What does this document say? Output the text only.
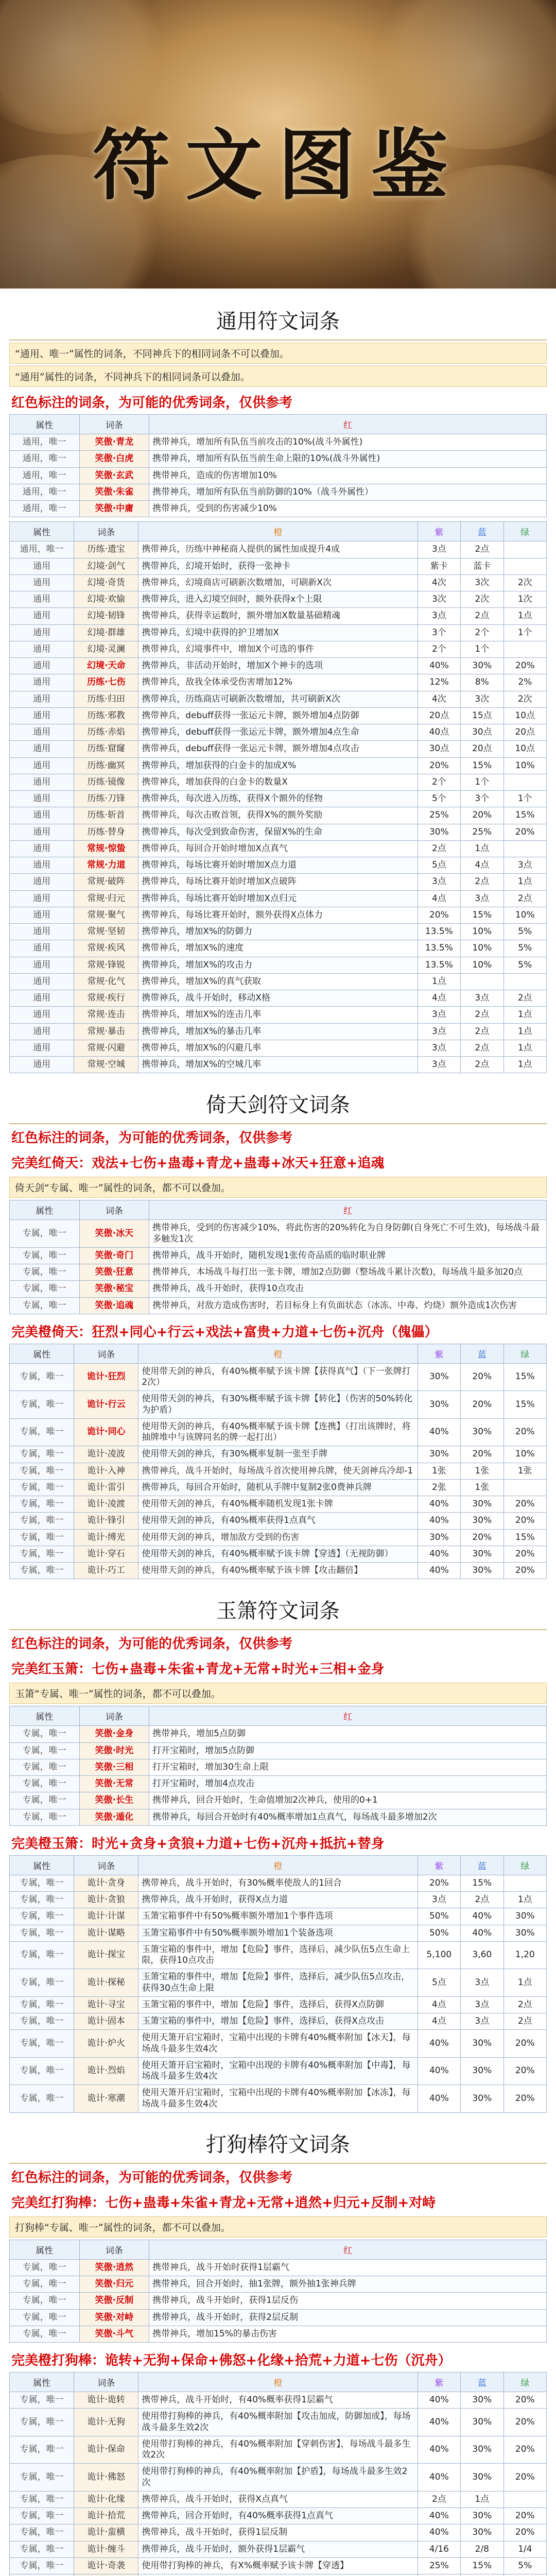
符文图鉴
通用符文词条
“通用、唯一”属性的词条，不同神兵下的相同词条不可以叠加。
“通用”属性的词条，不同神兵下的相同词条可以叠加。
红色标注的词条，为可能的优秀词条，仅供参考
属性	词条	红
通用，唯一	笑傲·青龙	携带神兵，增加所有队伍当前攻击的10%(战斗外属性)
通用，唯一	笑傲·白虎	携带神兵，增加所有队伍当前生命上限的10%(战斗外属性)
通用，唯一	笑傲·玄武	携带神兵，造成的伤害增加10%
通用，唯一	笑傲·朱雀	携带神兵，增加所有队伍当前防御的10%（战斗外属性）
通用，唯一	笑傲·中庸	携带神兵，受到的伤害减少10%
属性	词条	橙	紫	蓝	绿
通用，唯一	历练·遗宝	携带神兵，历练中神秘商人提供的属性加成提升4成	3点	2点	
通用	幻境·剑气	携带神兵，幻境开始时，获得一张神卡	紫卡	蓝卡	
通用	幻境·奇货	携带神兵，幻境商店可刷新次数增加，可刷新X次	4次	3次	2次
通用	幻境·欢愉	携带神兵，进入幻境空间时，额外获得x个上限	3次	2次	1次
通用	幻境·韧锋	携带神兵，获得幸运数时，额外增加X数量基础精魂	3点	2点	1点
通用	幻境·群雄	携带神兵，幻境中获得的护卫增加X	3个	2个	1个
通用	幻境·灵澜	携带神兵，幻境事件中，增加X个可选的事件	2个	1个	
通用	幻境·天命	携带神兵，非活动开始时，增加X个神卡的选项	40%	30%	20%
通用	历练·七伤	携带神兵，敌我全体承受伤害增加12%	12%	8%	2%
通用	历练·归田	携带神兵，历练商店可刷新次数增加，共可刷新X次	4次	3次	2次
通用	历练·邪教	携带神兵，debuff获得一张运元卡牌，额外增加4点防御	20点	15点	10点
通用	历练·赤焰	携带神兵，debuff获得一张运元卡牌，额外增加4点生命	40点	30点	20点
通用	历练·窟窿	携带神兵，debuff获得一张运元卡牌，额外增加4点攻击	30点	20点	10点
通用	历练·幽冥	携带神兵，增加获得的白金卡的加成X%	20%	15%	10%
通用	历练·镜像	携带神兵，增加获得的白金卡的数量X	2个	1个	
通用	历练·刀锋	携带神兵，每次进入历练，获得X个额外的怪物	5个	3个	1个
通用	历练·斩首	携带神兵，每次击败首领，获得X%的额外奖励	25%	20%	15%
通用	历练·替身	携带神兵，每次受到致命伤害，保留X%的生命	30%	25%	20%
通用	常规·惊蛰	携带神兵，每回合开始时增加X点真气	2点	1点	
通用	常规·力道	携带神兵，每场比赛开始时增加X点力道	5点	4点	3点
通用	常规·破阵	携带神兵，每场比赛开始时增加X点破阵	3点	2点	1点
通用	常规·归元	携带神兵，每场比赛开始时增加X点归元	4点	3点	2点
通用	常规·聚气	携带神兵，每场比赛开始时，额外获得X点体力	20%	15%	10%
通用	常规·坚韧	携带神兵，增加X%的防御力	13.5%	10%	5%
通用	常规·疾风	携带神兵，增加X%的速度	13.5%	10%	5%
通用	常规·锋锐	携带神兵，增加X%的攻击力	13.5%	10%	5%
通用	常规·化气	携带神兵，增加X%的真气获取	1点		
通用	常规·疾行	携带神兵，战斗开始时，移动X格	4点	3点	2点
通用	常规·连击	携带神兵，增加X%的连击几率	3点	2点	1点
通用	常规·暴击	携带神兵，增加X%的暴击几率	3点	2点	1点
通用	常规·闪避	携带神兵，增加X%的闪避几率	3点	2点	1点
通用	常规·空城	携带神兵，增加X%的空城几率	3点	2点	1点
倚天剑符文词条
红色标注的词条，为可能的优秀词条，仅供参考
完美红倚天：戏法+七伤+蛊毒+青龙+蛊毒+冰天+狂意+追魂
倚天剑“专属、唯一”属性的词条，都不可以叠加。
属性	词条	红
专属，唯一	笑傲·冰天	携带神兵，受到的伤害减少10%，将此伤害的20%转化为自身防御(自身死亡不可生效)，每场战斗最多触发1次
专属，唯一	笑傲·奇门	携带神兵，战斗开始时，随机发现1张传奇品质的临时职业牌
专属，唯一	笑傲·狂意	携带神兵，本场战斗每打出一张卡牌，增加2点防御（整场战斗累计次数)，每场战斗最多加20点
专属，唯一	笑傲·秘宝	携带神兵，战斗开始时，获得10点攻击
专属，唯一	笑傲·追魂	携带神兵，对敌方造成伤害时，若目标身上有负面状态（冰冻、中毒、灼烧）额外造成1次伤害
完美橙倚天：狂烈+同心+行云+戏法+富贵+力道+七伤+沉舟（傀儡）
属性	词条	橙	紫	蓝	绿
专属，唯一	诡计·狂烈	使用带天剑的神兵，有40%概率赋予该卡牌【获得真气】（下一张牌打2次）	30%	20%	15%
专属，唯一	诡计·行云	使用带天剑的神兵，有30%概率赋予该卡牌【转化】（伤害的50%转化为护盾）	30%	20%	15%
专属，唯一	诡计·同心	使用带天剑的神兵，有40%概率赋予该卡牌【连携】（打出该牌时，将抽牌堆中与该牌同名的牌一起打出）	40%	30%	20%
专属，唯一	诡计·凌波	使用带天剑的神兵，有30%概率复制一张至手牌	30%	20%	10%
专属，唯一	诡计·入神	携带神兵，战斗开始时，每场战斗首次使用神兵牌，使天剑神兵冷却-1	1张	1张	1张
专属，唯一	诡计·雷引	携带神兵，每回合开始时，随机从手牌中复制2张0费神兵牌	2张	1张	
专属，唯一	诡计·凌渡	使用带天剑的神兵，有40%概率随机发现1张卡牌	40%	30%	20%
专属，唯一	诡计·锋引	使用带天剑的神兵，有40%概率获得1点真气	40%	30%	20%
专属，唯一	诡计·缚光	使用带天剑的神兵，增加敌方受到的伤害	30%	20%	15%
专属，唯一	诡计·穿石	使用带天剑的神兵，有40%概率赋予该卡牌【穿透】（无视防御）	40%	30%	20%
专属，唯一	诡计·巧工	使用带天剑的神兵，有40%概率赋予该卡牌【攻击翻倍】	40%	30%	20%
玉箫符文词条
红色标注的词条，为可能的优秀词条，仅供参考
完美红玉箫：七伤+蛊毒+朱雀+青龙+无常+时光+三相+金身
玉箫“专属、唯一”属性的词条，都不可以叠加。
属性	词条	红
专属，唯一	笑傲·金身	携带神兵，增加5点防御
专属，唯一	笑傲·时光	打开宝箱时，增加5点防御
专属，唯一	笑傲·三相	打开宝箱时，增加30生命上限
专属，唯一	笑傲·无常	打开宝箱时，增加4点攻击
专属，唯一	笑傲·长生	携带神兵，回合开始时，生命值增加2次神兵，使用的0+1
专属，唯一	笑傲·遁化	携带神兵，每回合开始时有40%概率增加1点真气，每场战斗最多增加2次
完美橙玉箫：时光+贪身+贪狼+力道+七伤+沉舟+抵抗+替身
属性	词条	橙	紫	蓝	绿
专属，唯一	诡计·贪身	携带神兵，战斗开始时，有30%概率使敌人的1回合	20%	15%	
专属，唯一	诡计·贪狼	携带神兵，战斗开始时，获得X点力道	3点	2点	1点
专属，唯一	诡计·计谋	玉箫宝箱事件中有50%概率额外增加1个事件选项	50%	40%	30%
专属，唯一	诡计·谋略	玉箫宝箱事件中有50%概率额外增加1个装备选项	50%	40%	30%
专属，唯一	诡计·探宝	玉箫宝箱的事件中，增加【危险】事件，选择后，减少队伍5点生命上限，获得10点攻击	5,100	3,60	1,20
专属，唯一	诡计·探秘	玉箫宝箱的事件中，增加【危险】事件，选择后，减少队伍5点攻击，获得30点生命上限	5点	3点	1点
专属，唯一	诡计·寻宝	玉箫宝箱的事件中，增加【危险】事件，选择后，获得X点防御	4点	3点	2点
专属，唯一	诡计·固本	玉箫宝箱的事件中，增加【危险】事件，选择后，获得X点攻击	4点	3点	2点
专属，唯一	诡计·炉火	使用天箫开启宝箱时，宝箱中出现的卡牌有40%概率附加【冰天】，每场战斗最多生效4次	40%	30%	20%
专属，唯一	诡计·烈焰	使用天箫开启宝箱时，宝箱中出现的卡牌有40%概率附加【中毒】，每场战斗最多生效4次	40%	30%	20%
专属，唯一	诡计·寒潮	使用天箫开启宝箱时，宝箱中出现的卡牌有40%概率附加【冰冻】，每场战斗最多生效4次	40%	30%	20%
打狗棒符文词条
红色标注的词条，为可能的优秀词条，仅供参考
完美红打狗棒：七伤+蛊毒+朱雀+青龙+无常+逍然+归元+反制+对峙
打狗棒“专属、唯一”属性的词条，都不可以叠加。
属性	词条	红
专属，唯一	笑傲·逍然	携带神兵，战斗开始时获得1层霸气
专属，唯一	笑傲·归元	携带神兵，回合开始时，抽1张牌，额外抽1张神兵牌
专属，唯一	笑傲·反制	携带神兵，战斗开始时，获得1层反伤
专属，唯一	笑傲·对峙	携带神兵，战斗开始时，获得2层反制
专属，唯一	笑傲·斗气	携带神兵，增加15%的暴击伤害
完美橙打狗棒：诡转+无狗+保命+佛怒+化缘+拾荒+力道+七伤（沉舟）
属性	词条	橙	紫	蓝	绿
专属，唯一	诡计·诡转	携带神兵，战斗开始时，有40%概率获得1层霸气	40%	30%	20%
专属，唯一	诡计·无狗	使用带打狗棒的神兵，有40%概率附加【攻击加成，防御加成】，每场战斗最多生效2次	40%	30%	20%
专属，唯一	诡计·保命	使用带打狗棒的神兵，有40%概率附加【穿刺伤害】，每场战斗最多生效2次	40%	30%	20%
专属，唯一	诡计·佛怒	使用带打狗棒的神兵，有40%概率附加【护盾】，每场战斗最多生效2次	40%	30%	20%
专属，唯一	诡计·化缘	携带神兵，战斗开始时，获得X点真气	2点	1点	
专属，唯一	诡计·拾荒	携带神兵，回合开始时，有40%概率获得1点真气	40%	30%	20%
专属，唯一	诡计·蛮横	携带神兵，战斗开始时，获得1层反制	40%	30%	20%
专属，唯一	诡计·缠斗	携带神兵，战斗开始时，额外获得1层霸气	4/16	2/8	1/4
专属，唯一	诡计·奇袭	使用带打狗棒的神兵，有X%概率赋予该卡牌【穿透】	25%	15%	5%
